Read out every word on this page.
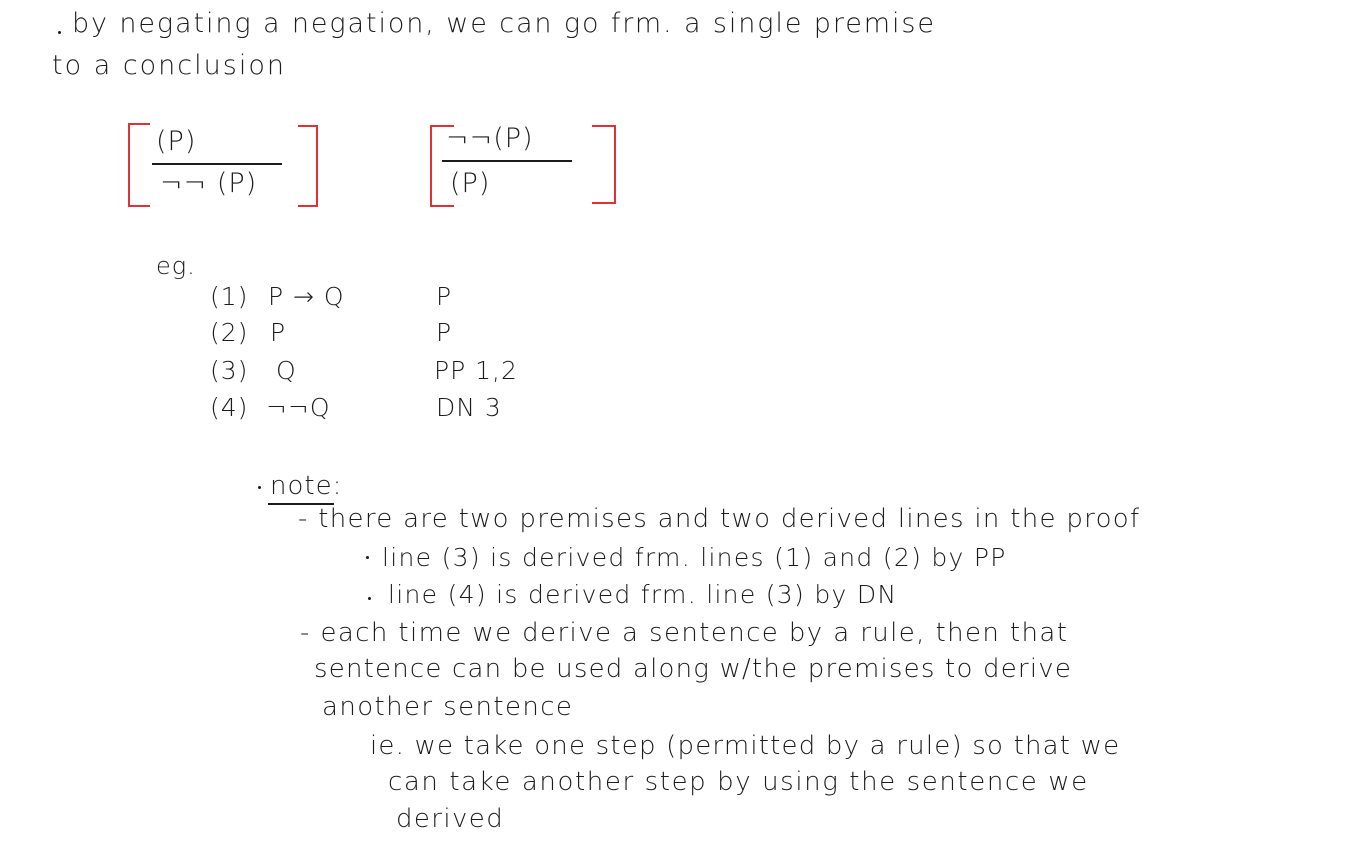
by negating a negation, we can go frm. a single premise
to a conclusion
(P)
¬¬ (P)
¬¬(P)
(P)
eg.
(1) P → Q	P
(2) P	P
(3) Q	PP 1,2
(4) ¬¬Q	DN 3
note:
- there are two premises and two derived lines in the proof
line (3) is derived frm. lines (1) and (2) by PP
line (4) is derived frm. line (3) by DN
- each time we derive a sentence by a rule, then that
sentence can be used along w/the premises to derive
another sentence
ie. we take one step (permitted by a rule) so that we
can take another step by using the sentence we
derived
